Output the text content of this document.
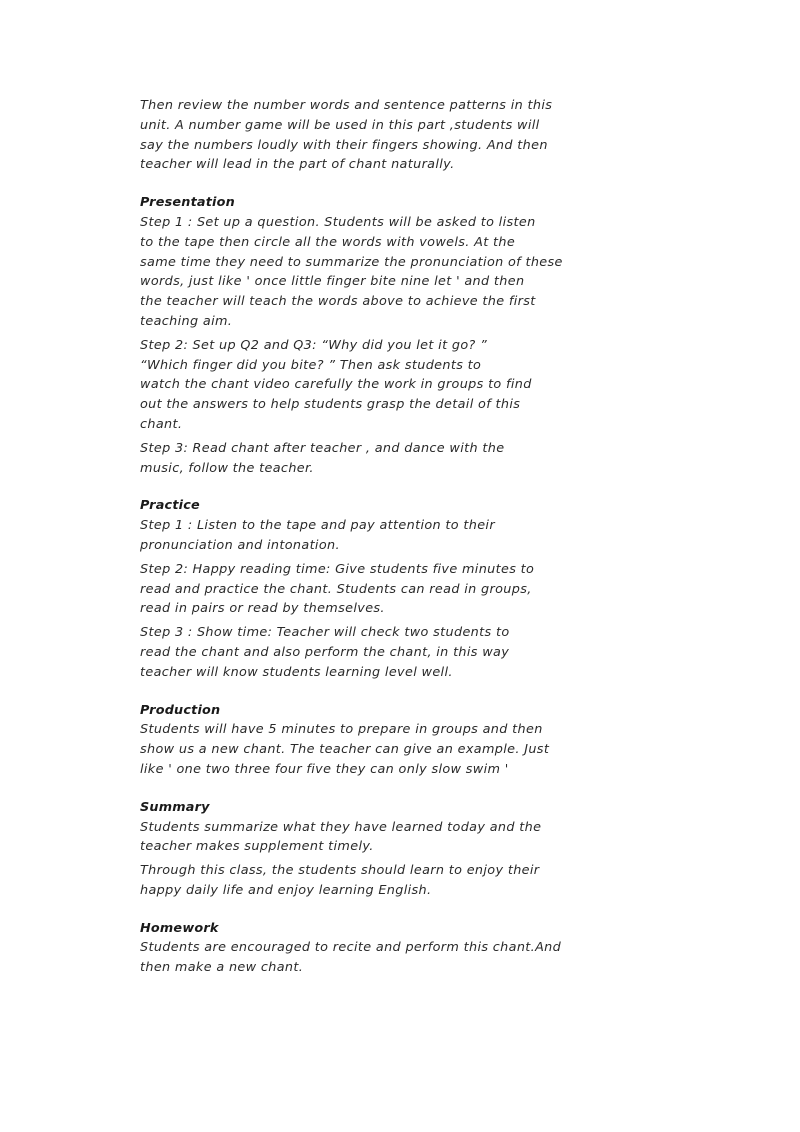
Then review the number words and sentence patterns in this
unit. A number game will be used in this part ,students will
say the numbers loudly with their fingers showing. And then
teacher will lead in the part of chant naturally.

Presentation

Step 1 : Set up a question. Students will be asked to listen
to the tape then circle all the words with vowels. At the
same time they need to summarize the pronunciation of these
words, just like ' once little finger bite nine let ' and then
the teacher will teach the words above to achieve the first
teaching aim.

Step 2: Set up Q2 and Q3: “Why did you let it go? ”
“Which finger did you bite? ” Then ask students to
watch the chant video carefully the work in groups to find
out the answers to help students grasp the detail of this
chant.

Step 3: Read chant after teacher , and dance with the
music, follow the teacher.

Practice

Step 1 : Listen to the tape and pay attention to their
pronunciation and intonation.

Step 2: Happy reading time: Give students five minutes to
read and practice the chant. Students can read in groups,
read in pairs or read by themselves.

Step 3 : Show time: Teacher will check two students to
read the chant and also perform the chant, in this way
teacher will know students learning level well.

Production

Students will have 5 minutes to prepare in groups and then
show us a new chant. The teacher can give an example. Just
like ' one two three four five they can only slow swim '

Summary

Students summarize what they have learned today and the
teacher makes supplement timely.

Through this class, the students should learn to enjoy their
happy daily life and enjoy learning English.

Homework

Students are encouraged to recite and perform this chant.And
then make a new chant.
